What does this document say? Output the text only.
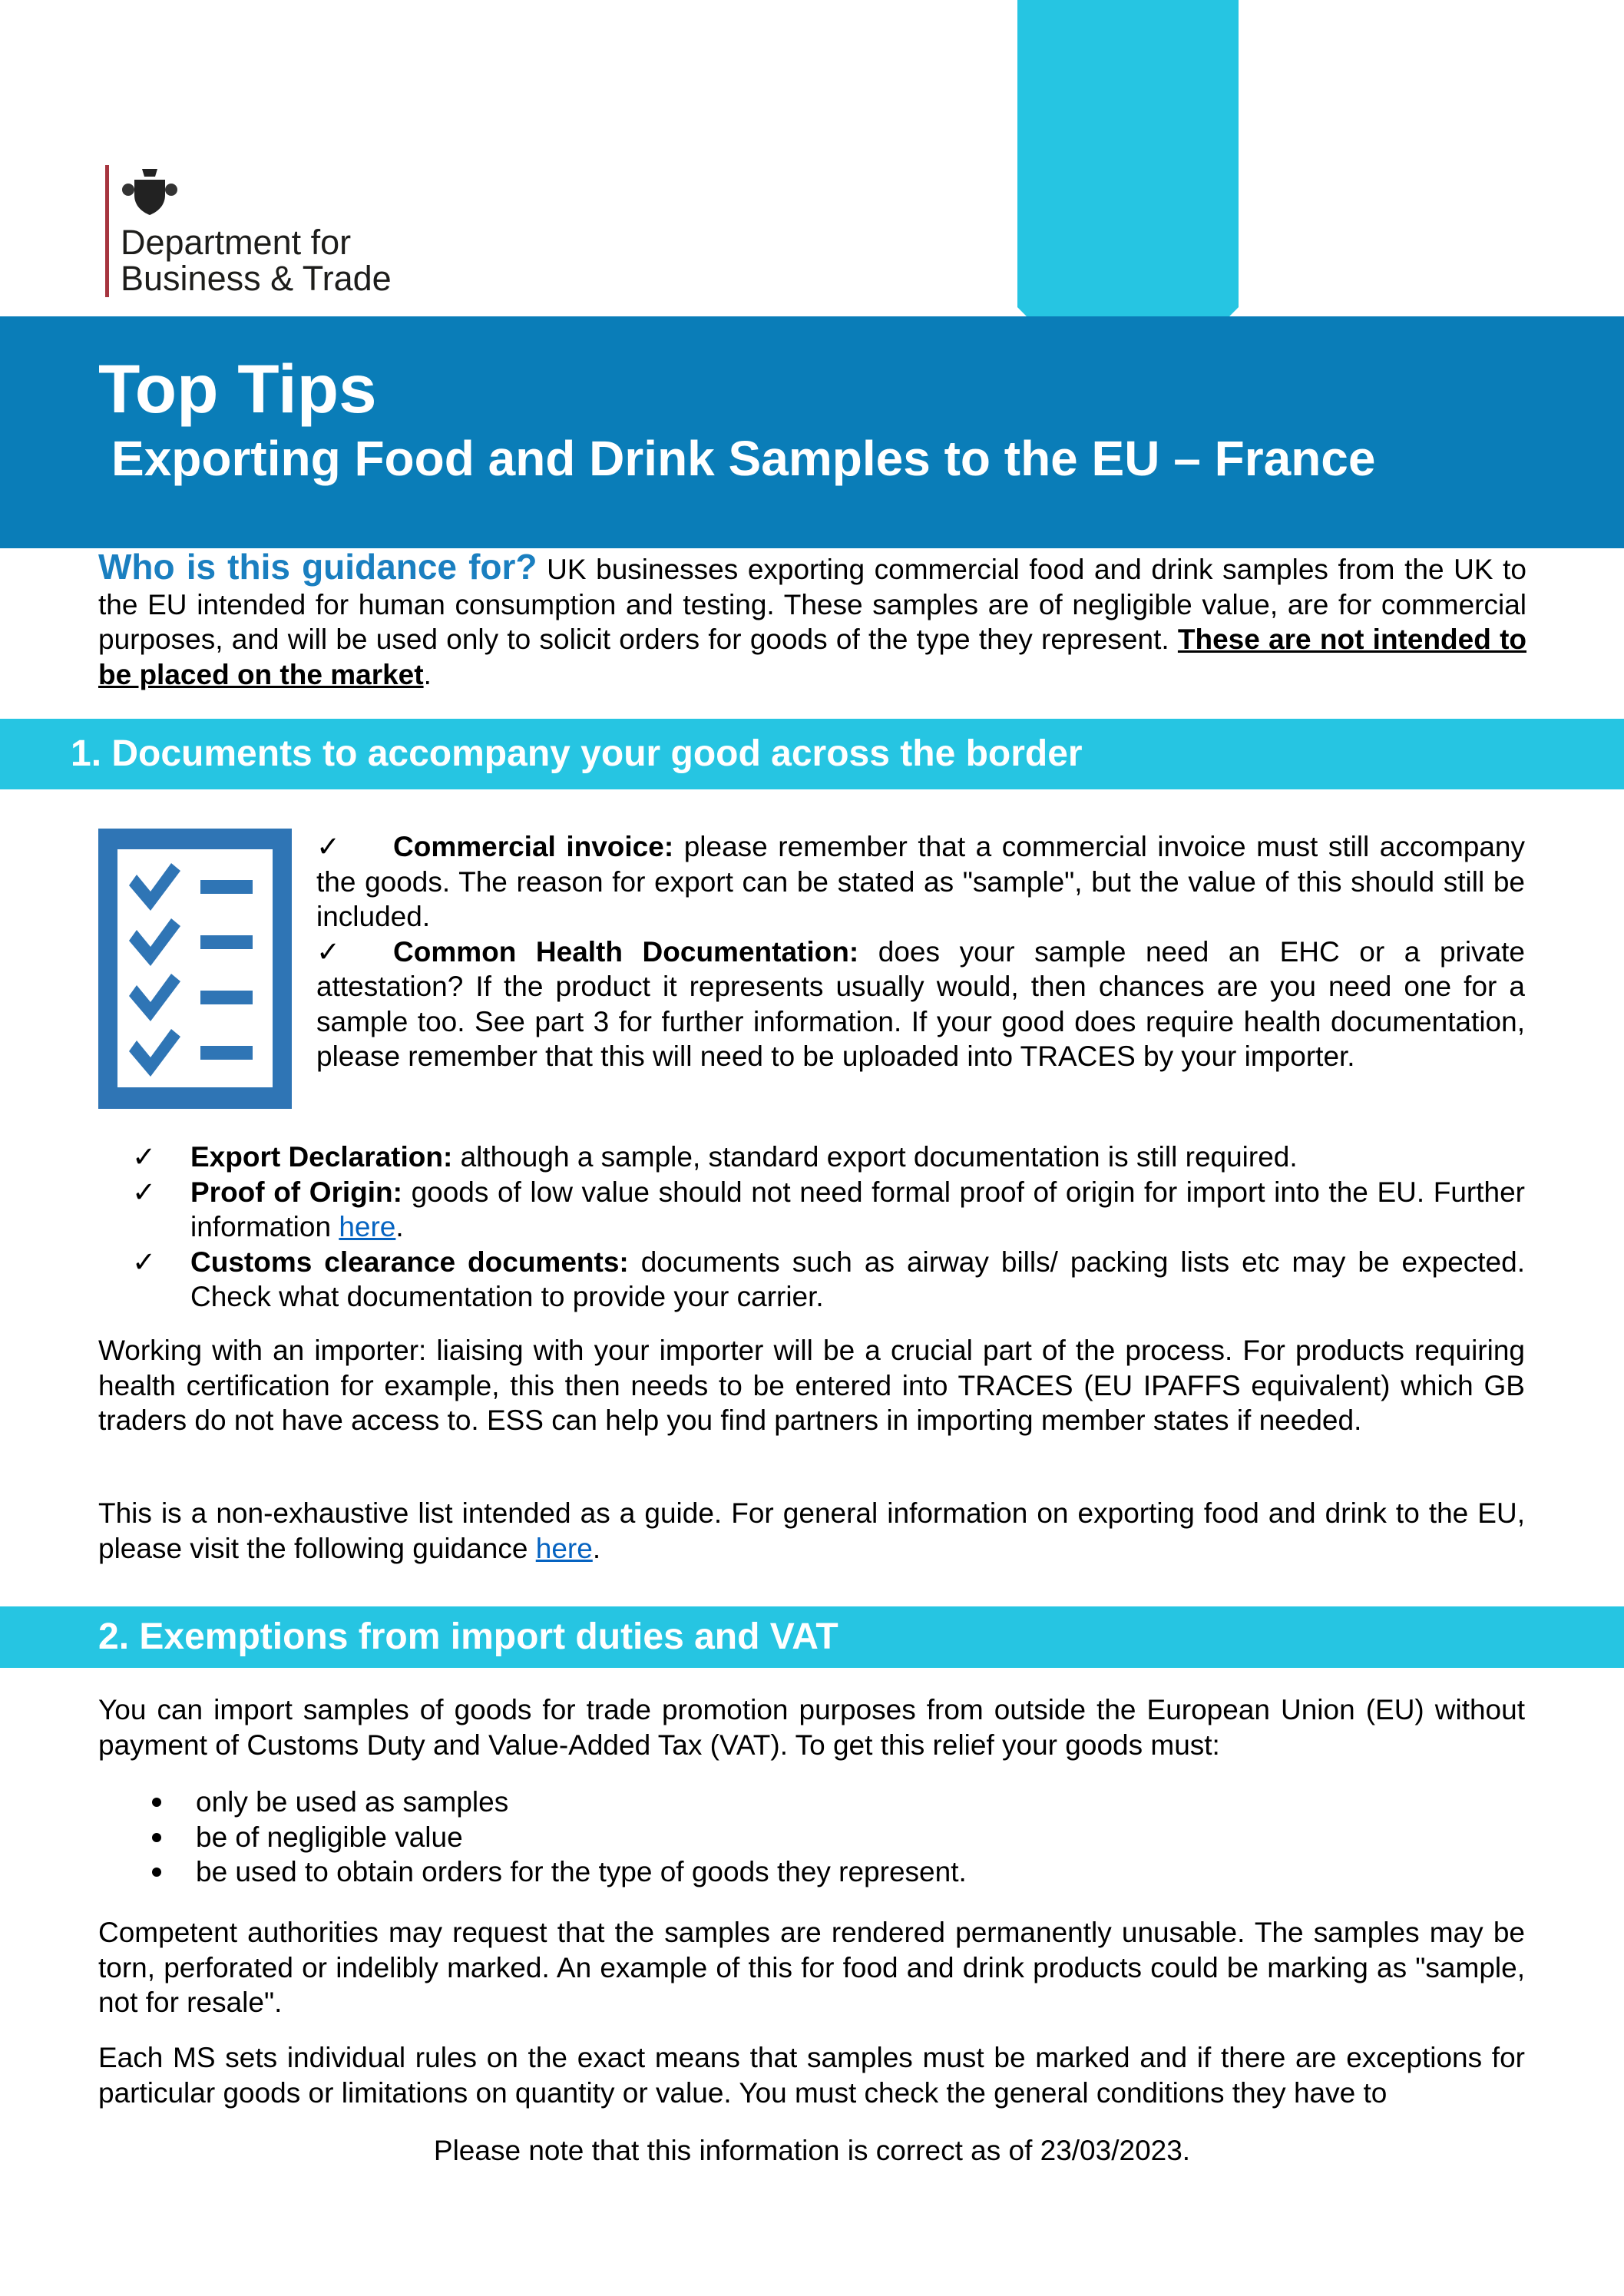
Department for
Business & Trade
Top Tips
Exporting Food and Drink Samples to the EU – France
Who is this guidance for? UK businesses exporting commercial food and drink samples from the UK to the EU intended for human consumption and testing. These samples are of negligible value, are for commercial purposes, and will be used only to solicit orders for goods of the type they represent. These are not intended to be placed on the market.
1. Documents to accompany your good across the border
✓ Commercial invoice: please remember that a commercial invoice must still accompany the goods. The reason for export can be stated as "sample", but the value of this should still be included.
✓ Common Health Documentation: does your sample need an EHC or a private attestation? If the product it represents usually would, then chances are you need one for a sample too. See part 3 for further information. If your good does require health documentation, please remember that this will need to be uploaded into TRACES by your importer.
✓ Export Declaration: although a sample, standard export documentation is still required.
✓ Proof of Origin: goods of low value should not need formal proof of origin for import into the EU. Further information here.
✓ Customs clearance documents: documents such as airway bills/ packing lists etc may be expected. Check what documentation to provide your carrier.

Working with an importer: liaising with your importer will be a crucial part of the process. For products requiring health certification for example, this then needs to be entered into TRACES (EU IPAFFS equivalent) which GB traders do not have access to. ESS can help you find partners in importing member states if needed.

This is a non-exhaustive list intended as a guide. For general information on exporting food and drink to the EU, please visit the following guidance here.

2. Exemptions from import duties and VAT

You can import samples of goods for trade promotion purposes from outside the European Union (EU) without payment of Customs Duty and Value-Added Tax (VAT). To get this relief your goods must:

only be used as samples
be of negligible value
be used to obtain orders for the type of goods they represent.

Competent authorities may request that the samples are rendered permanently unusable. The samples may be torn, perforated or indelibly marked. An example of this for food and drink products could be marking as "sample, not for resale".

Each MS sets individual rules on the exact means that samples must be marked and if there are exceptions for particular goods or limitations on quantity or value. You must check the general conditions they have to

Please note that this information is correct as of 23/03/2023.
